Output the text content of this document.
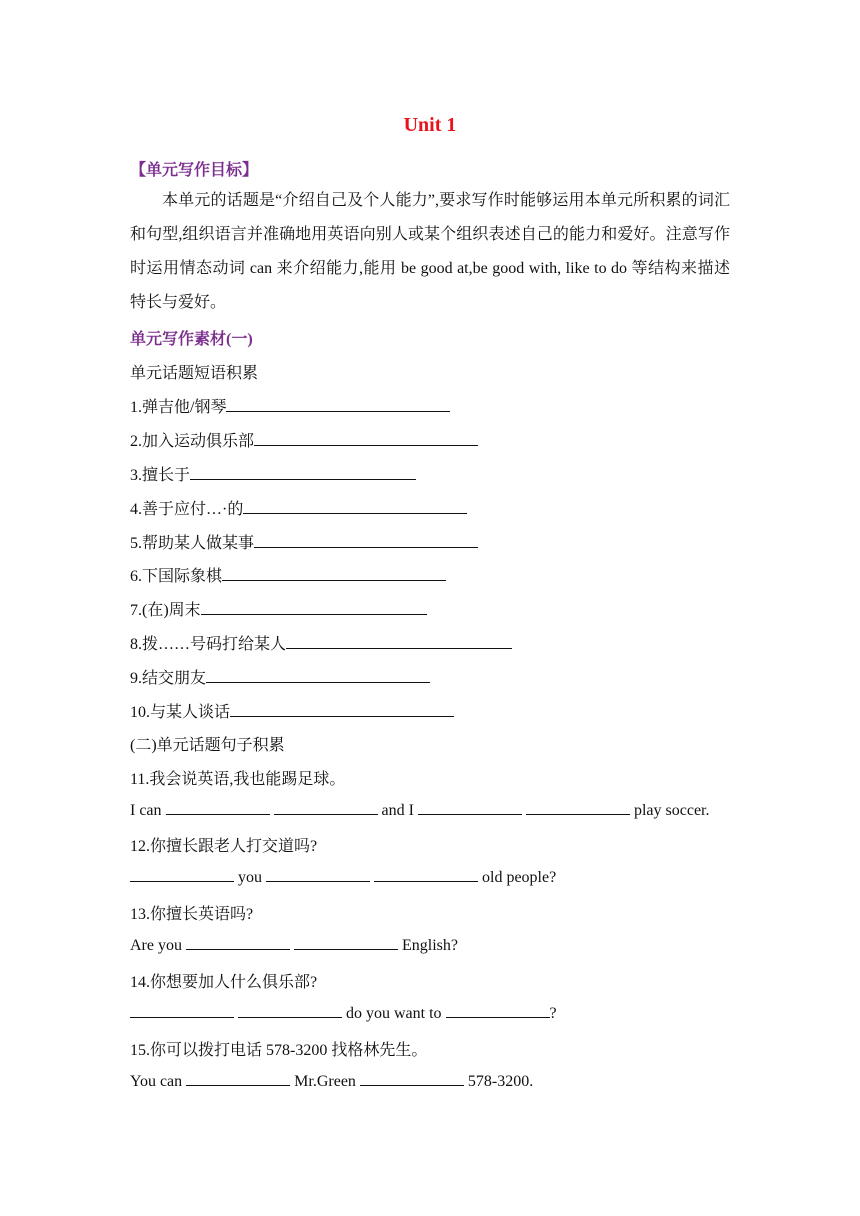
Unit 1
【单元写作目标】
本单元的话题是“介绍自己及个人能力”,要求写作时能够运用本单元所积累的词汇和句型,组织语言并准确地用英语向别人或某个组织表述自己的能力和爱好。注意写作时运用情态动词 can 来介绍能力,能用 be good at,be good with, like to do 等结构来描述特长与爱好。
单元写作素材(一)
单元话题短语积累
1.弹吉他/钢琴
2.加入运动俱乐部
3.擅长于
4.善于应付…·的
5.帮助某人做某事
6.下国际象棋
7.(在)周末
8.拨……号码打给某人
9.结交朋友
10.与某人谈话
(二)单元话题句子积累
11.我会说英语,我也能踢足球。
I can	and I	play soccer.
12.你擅长跟老人打交道吗?
you	old people?
13.你擅长英语吗?
Are you	English?
14.你想要加人什么俱乐部?
do you want to	?
15.你可以拨打电话 578-3200 找格林先生。
You can	Mr.Green	578-3200.
